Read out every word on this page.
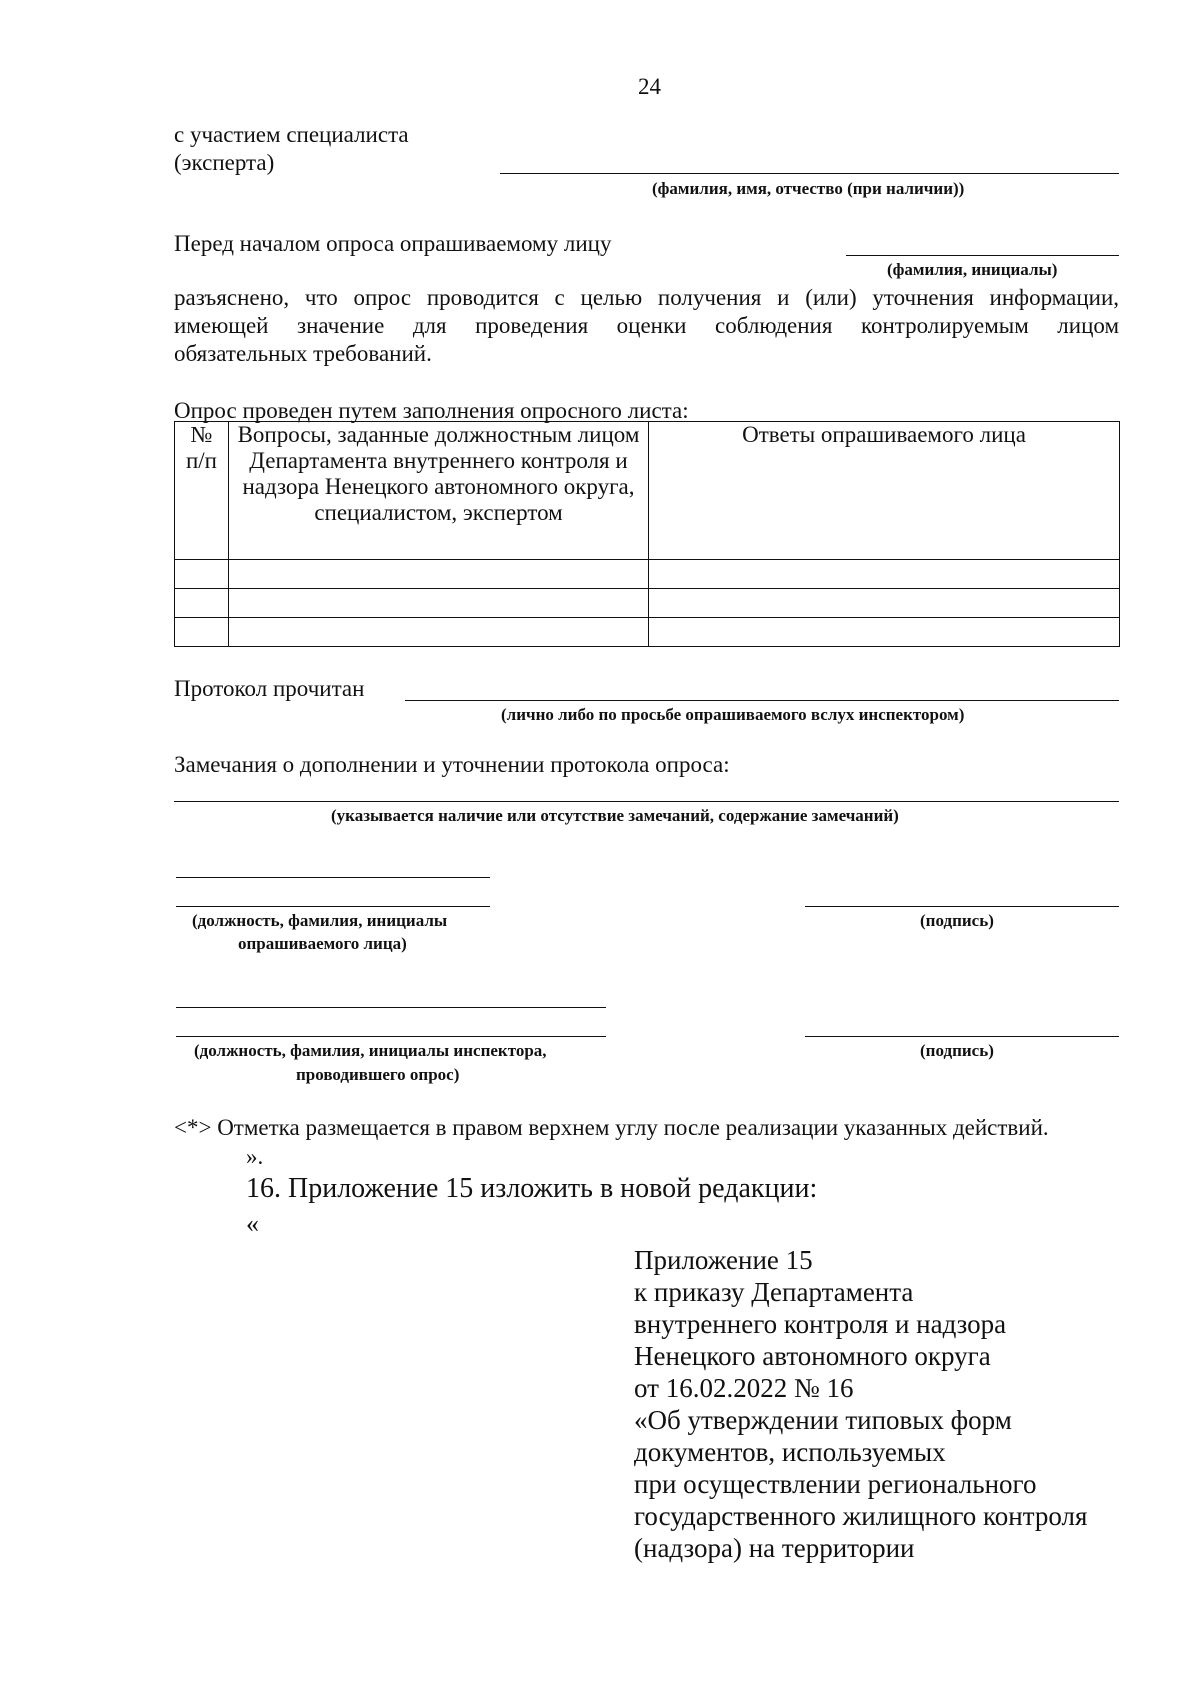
24
с участием специалиста
(эксперта)
(фамилия, имя, отчество (при наличии))
Перед началом опроса опрашиваемому лицу
(фамилия, инициалы)
разъяснено, что опрос проводится с целью получения и (или) уточнения информации,
имеющей значение для проведения оценки соблюдения контролируемым лицом
обязательных требований.
Опрос проведен путем заполнения опросного листа:
№ п/п	Вопросы, заданные должностным лицом Департамента внутреннего контроля и надзора Ненецкого автономного округа, специалистом, экспертом	Ответы опрашиваемого лица

Протокол прочитан
(лично либо по просьбе опрашиваемого вслух инспектором)
Замечания о дополнении и уточнении протокола опроса:
(указывается наличие или отсутствие замечаний, содержание замечаний)
(должность, фамилия, инициалы
опрашиваемого лица)
(подпись)
(должность, фамилия, инициалы инспектора,
проводившего опрос)
(подпись)
<*> Отметка размещается в правом верхнем углу после реализации указанных действий.
».
16. Приложение 15 изложить в новой редакции:
«
Приложение 15
к приказу Департамента
внутреннего контроля и надзора
Ненецкого автономного округа
от 16.02.2022 № 16
«Об утверждении типовых форм
документов, используемых
при осуществлении регионального
государственного жилищного контроля
(надзора) на территории
